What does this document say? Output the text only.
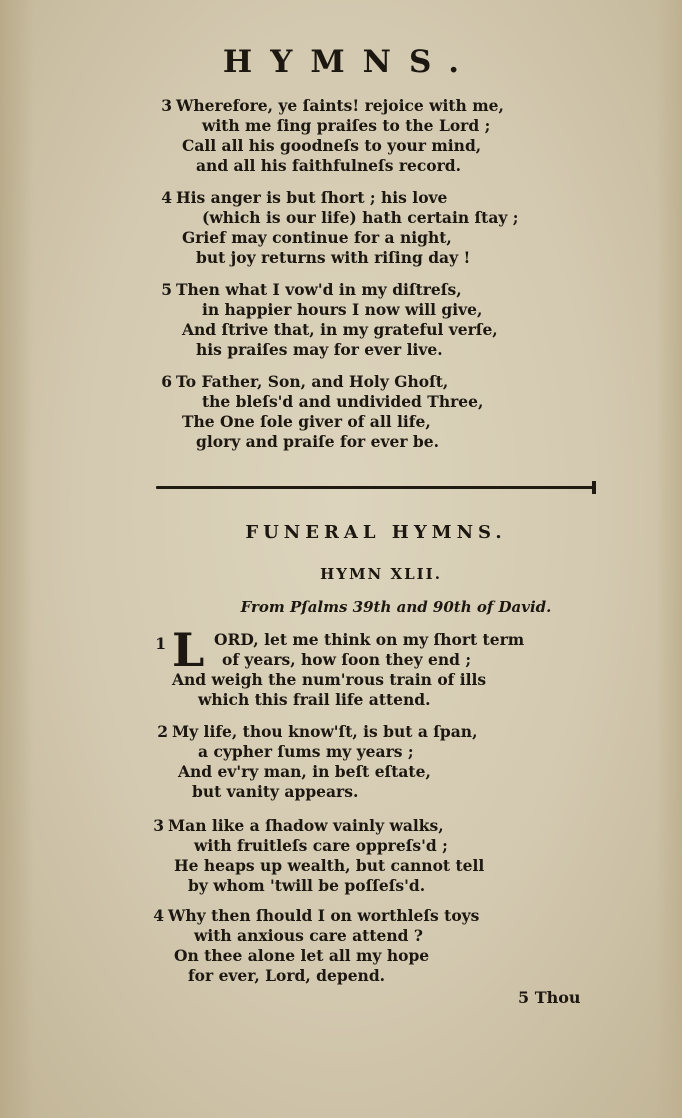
HYMNS.
3 Wherefore, ye ſaints! rejoice with me,
with me ſing praiſes to the Lord ;
Call all his goodneſs to your mind,
and all his faithfulneſs record.
4 His anger is but ſhort ; his love
(which is our life) hath certain ſtay ;
Grief may continue for a night,
but joy returns with riſing day !
5 Then what I vow'd in my diſtreſs,
in happier hours I now will give,
And ſtrive that, in my grateful verſe,
his praiſes may for ever live.
6 To Father, Son, and Holy Ghoſt,
the bleſs'd and undivided Three,
The One ſole giver of all life,
glory and praiſe for ever be.
FUNERAL HYMNS.
HYMN XLII.
From Pſalms 39th and 90th of David.
1 L ORD, let me think on my ſhort term
of years, how ſoon they end ;
And weigh the num'rous train of ills
which this frail life attend.
2 My life, thou know'ſt, is but a ſpan,
a cypher ſums my years ;
And ev'ry man, in beſt eſtate,
but vanity appears.
3 Man like a ſhadow vainly walks,
with fruitleſs care oppreſs'd ;
He heaps up wealth, but cannot tell
by whom 'twill be poſſeſs'd.
4 Why then ſhould I on worthleſs toys
with anxious care attend ?
On thee alone let all my hope
for ever, Lord, depend.
5 Thou
